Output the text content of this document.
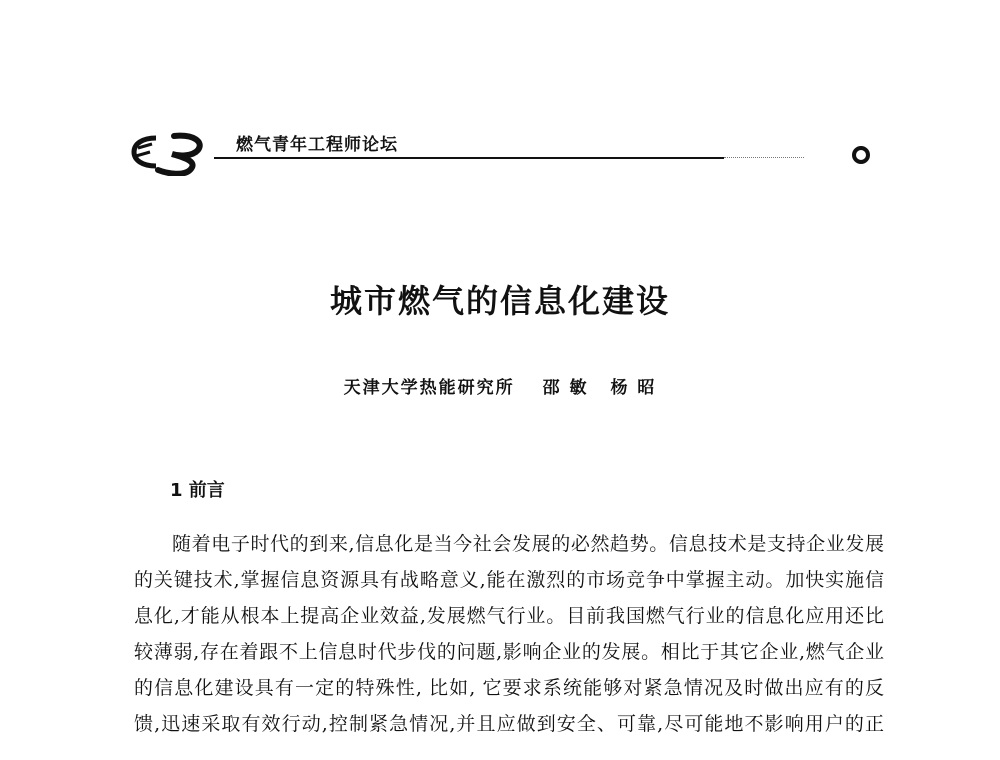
燃气青年工程师论坛
城市燃气的信息化建设
天津大学热能研究所 邵 敏 杨 昭
1 前言
随着电子时代的到来,信息化是当今社会发展的必然趋势。信息技术是支持企业发展
的关键技术,掌握信息资源具有战略意义,能在激烈的市场竞争中掌握主动。加快实施信
息化,才能从根本上提高企业效益,发展燃气行业。目前我国燃气行业的信息化应用还比
较薄弱,存在着跟不上信息时代步伐的问题,影响企业的发展。相比于其它企业,燃气企业
的信息化建设具有一定的特殊性, 比如, 它要求系统能够对紧急情况及时做出应有的反
馈,迅速采取有效行动,控制紧急情况,并且应做到安全、可靠,尽可能地不影响用户的正
